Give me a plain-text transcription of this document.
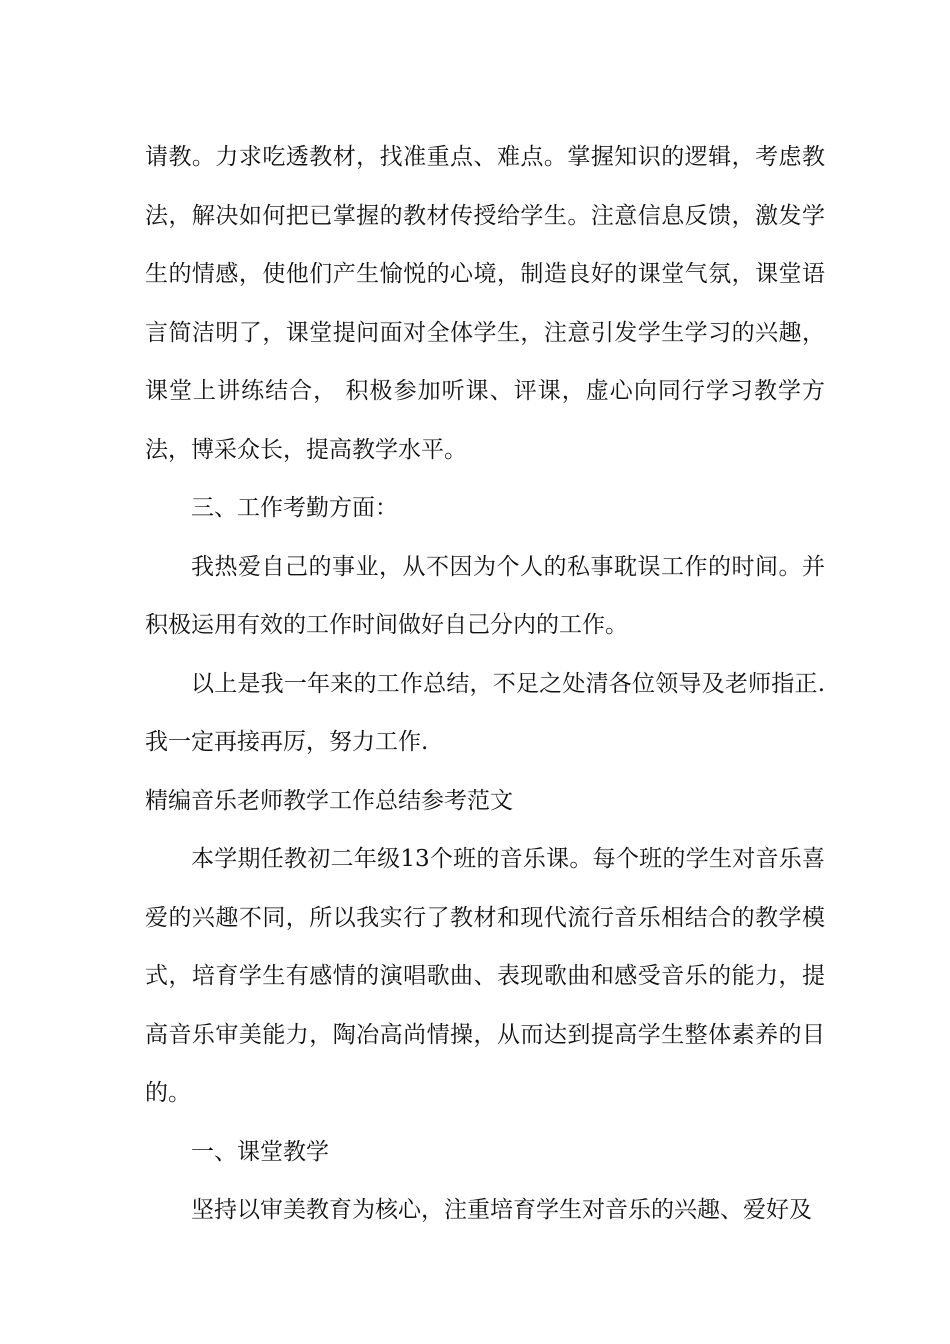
请教。力求吃透教材，找准重点、难点。掌握知识的逻辑，考虑教法，解决如何把已掌握的教材传授给学生。注意信息反馈，激发学生的情感，使他们产生愉悦的心境，制造良好的课堂气氛，课堂语言简洁明了，课堂提问面对全体学生，注意引发学生学习的兴趣，课堂上讲练结合， 积极参加听课、评课，虚心向同行学习教学方法，博采众长，提高教学水平。

三、工作考勤方面：

我热爱自己的事业，从不因为个人的私事耽误工作的时间。并积极运用有效的工作时间做好自己分内的工作。

以上是我一年来的工作总结，不足之处清各位领导及老师指正.我一定再接再厉，努力工作.

精编音乐老师教学工作总结参考范文

本学期任教初二年级13个班的音乐课。每个班的学生对音乐喜爱的兴趣不同，所以我实行了教材和现代流行音乐相结合的教学模式，培育学生有感情的演唱歌曲、表现歌曲和感受音乐的能力，提高音乐审美能力，陶冶高尚情操，从而达到提高学生整体素养的目的。

一、课堂教学

坚持以审美教育为核心，注重培育学生对音乐的兴趣、爱好及
